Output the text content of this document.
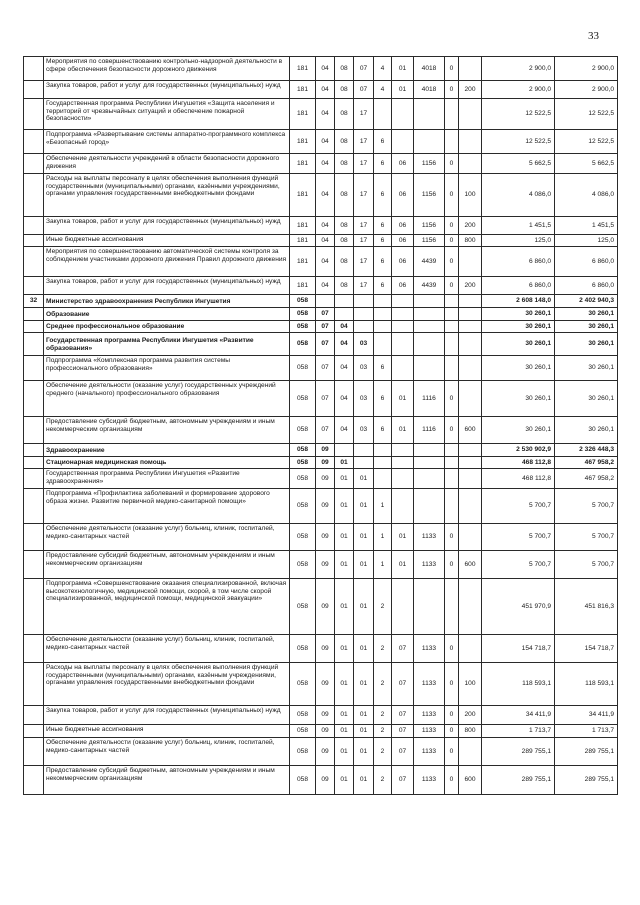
33
	Мероприятия по совершенствованию контрольно-надзорной деятельности в сфере обеспечения безопасности дорожного движения	181	04	08	07	4	01	4018	0		2 900,0	2 900,0
	Закупка товаров, работ и услуг для государственных (муниципальных) нужд	181	04	08	07	4	01	4018	0	200	2 900,0	2 900,0
	Государственная программа Республики Ингушетия «Защита населения и территорий от чрезвычайных ситуаций и обеспечение пожарной безопасности»	181	04	08	17						12 522,5	12 522,5
	Подпрограмма «Развертывание системы аппаратно-программного комплекса «Безопасный город»	181	04	08	17	6					12 522,5	12 522,5
	Обеспечение деятельности учреждений в области безопасности дорожного движения	181	04	08	17	6	06	1156	0		5 662,5	5 662,5
	Расходы на выплаты персоналу в целях обеспечения выполнения функций государственными (муниципальными) органами, казёнными учреждениями, органами управления государственными внебюджетными фондами	181	04	08	17	6	06	1156	0	100	4 086,0	4 086,0
	Закупка товаров, работ и услуг для государственных (муниципальных) нужд	181	04	08	17	6	06	1156	0	200	1 451,5	1 451,5
	Иные бюджетные ассигнования	181	04	08	17	6	06	1156	0	800	125,0	125,0
	Мероприятия по совершенствованию автоматической системы контроля за соблюдением участниками дорожного движения Правил дорожного движения	181	04	08	17	6	06	4439	0		6 860,0	6 860,0
	Закупка товаров, работ и услуг для государственных (муниципальных) нужд	181	04	08	17	6	06	4439	0	200	6 860,0	6 860,0
32	Министерство здравоохранения Республики Ингушетия	058									2 608 148,0	2 402 940,3
	Образование	058	07								30 260,1	30 260,1
	Среднее профессиональное образование	058	07	04							30 260,1	30 260,1
	Государственная программа Республики Ингушетия «Развитие образования»	058	07	04	03						30 260,1	30 260,1
	Подпрограмма «Комплексная программа развития системы профессионального образования»	058	07	04	03	6					30 260,1	30 260,1
	Обеспечение деятельности (оказание услуг) государственных учреждений среднего (начального) профессионального образования	058	07	04	03	6	01	1116	0		30 260,1	30 260,1
	Предоставление субсидий бюджетным, автономным учреждениям и иным некоммерческим организациям	058	07	04	03	6	01	1116	0	600	30 260,1	30 260,1
	Здравоохранение	058	09								2 530 902,9	2 326 448,3
	Стационарная медицинская помощь	058	09	01							468 112,8	467 958,2
	Государственная программа Республики Ингушетия «Развитие здравоохранения»	058	09	01	01						468 112,8	467 958,2
	Подпрограмма «Профилактика заболеваний и формирование здорового образа жизни. Развитие первичной медико-санитарной помощи»	058	09	01	01	1					5 700,7	5 700,7
	Обеспечение деятельности (оказание услуг) больниц, клиник, госпиталей, медико-санитарных частей	058	09	01	01	1	01	1133	0		5 700,7	5 700,7
	Предоставление субсидий бюджетным, автономным учреждениям и иным некоммерческим организациям	058	09	01	01	1	01	1133	0	600	5 700,7	5 700,7
	Подпрограмма «Совершенствование оказания специализированной, включая высокотехнологичную, медицинской помощи, скорой, в том числе скорой специализированной, медицинской помощи, медицинской эвакуации»	058	09	01	01	2					451 970,9	451 816,3
	Обеспечение деятельности (оказание услуг) больниц, клиник, госпиталей, медико-санитарных частей	058	09	01	01	2	07	1133	0		154 718,7	154 718,7
	Расходы на выплаты персоналу в целях обеспечения выполнения функций государственными (муниципальными) органами, казённым учреждениями, органами управления государственными внебюджетными фондами	058	09	01	01	2	07	1133	0	100	118 593,1	118 593,1
	Закупка товаров, работ и услуг для государственных (муниципальных) нужд	058	09	01	01	2	07	1133	0	200	34 411,9	34 411,9
	Иные бюджетные ассигнования	058	09	01	01	2	07	1133	0	800	1 713,7	1 713,7
	Обеспечение деятельности (оказание услуг) больниц, клиник, госпиталей, медико-санитарных частей	058	09	01	01	2	07	1133	0		289 755,1	289 755,1
	Предоставление субсидий бюджетным, автономным учреждениям и иным некоммерческим организациям	058	09	01	01	2	07	1133	0	600	289 755,1	289 755,1
